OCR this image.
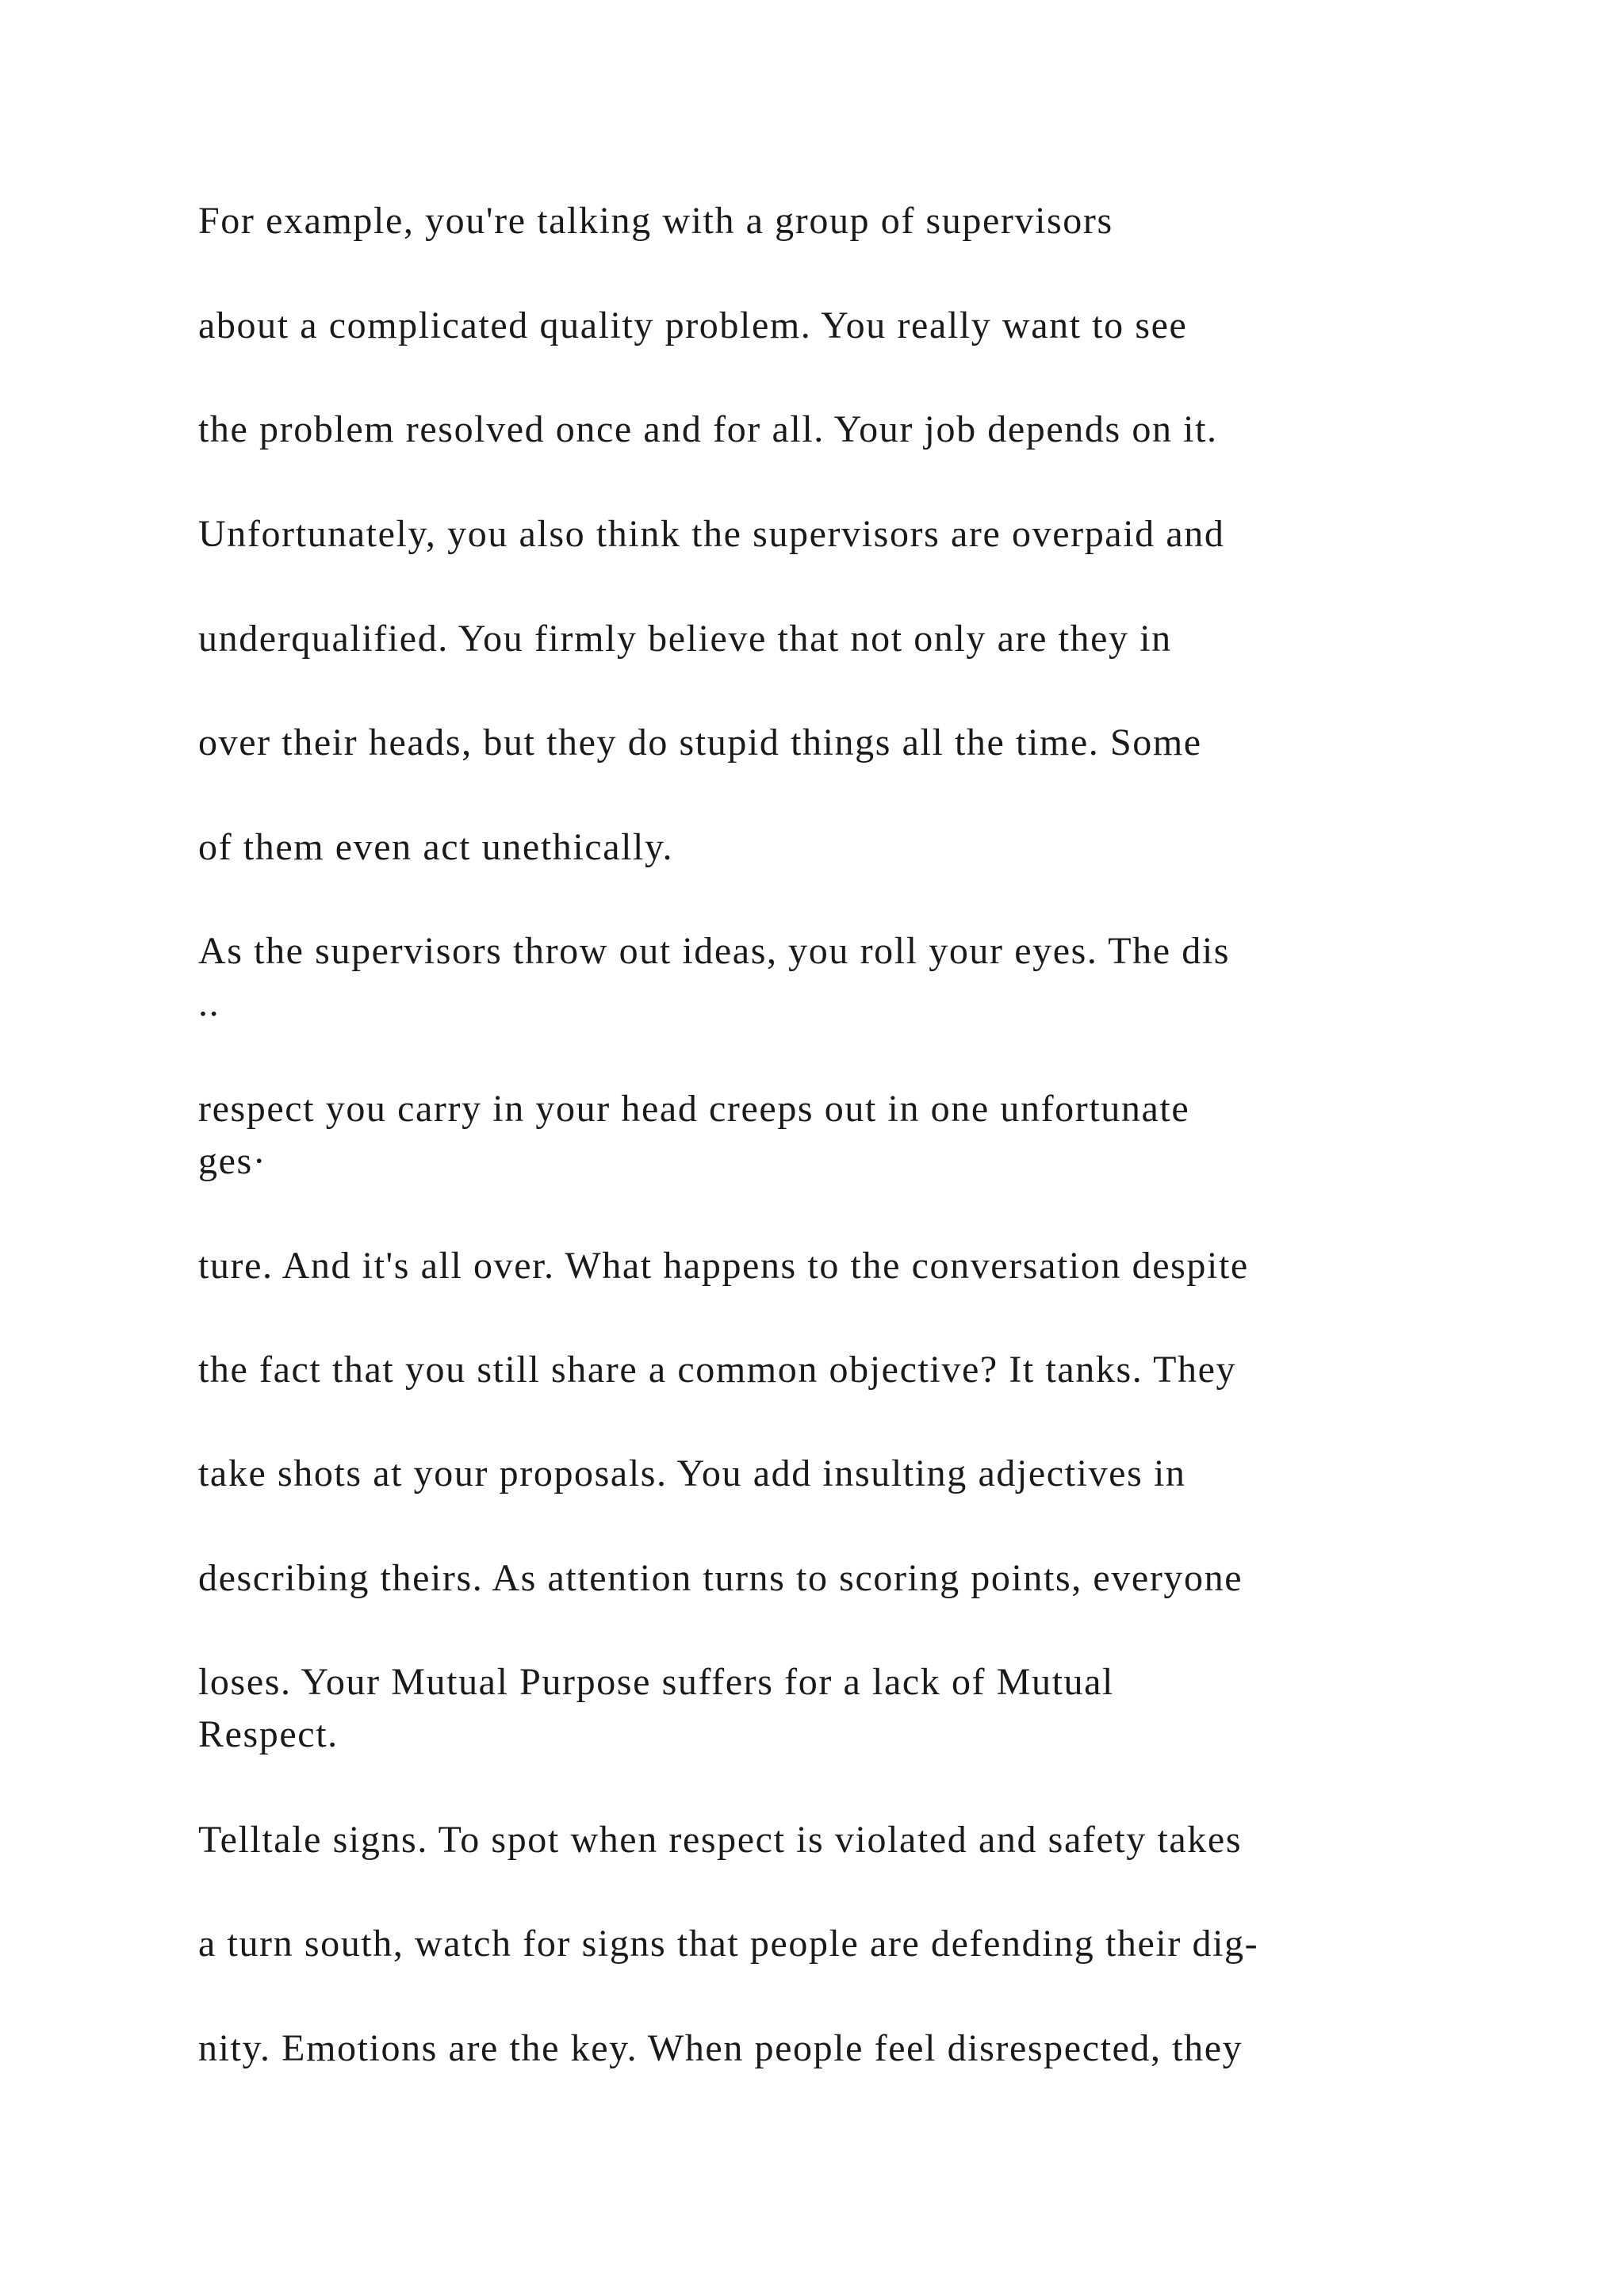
For example, you're talking with a group of supervisors

about a complicated quality problem. You really want to see

the problem resolved once and for all. Your job depends on it.

Unfortunately, you also think the supervisors are overpaid and

underqualified. You firmly believe that not only are they in

over their heads, but they do stupid things all the time. Some

of them even act unethically.

As the supervisors throw out ideas, you roll your eyes. The dis
..

respect you carry in your head creeps out in one unfortunate
ges·

ture. And it's all over. What happens to the conversation despite

the fact that you still share a common objective? It tanks. They

take shots at your proposals. You add insulting adjectives in

describing theirs. As attention turns to scoring points, everyone

loses. Your Mutual Purpose suffers for a lack of Mutual
Respect.

Telltale signs. To spot when respect is violated and safety takes

a turn south, watch for signs that people are defending their dig-

nity. Emotions are the key. When people feel disrespected, they
